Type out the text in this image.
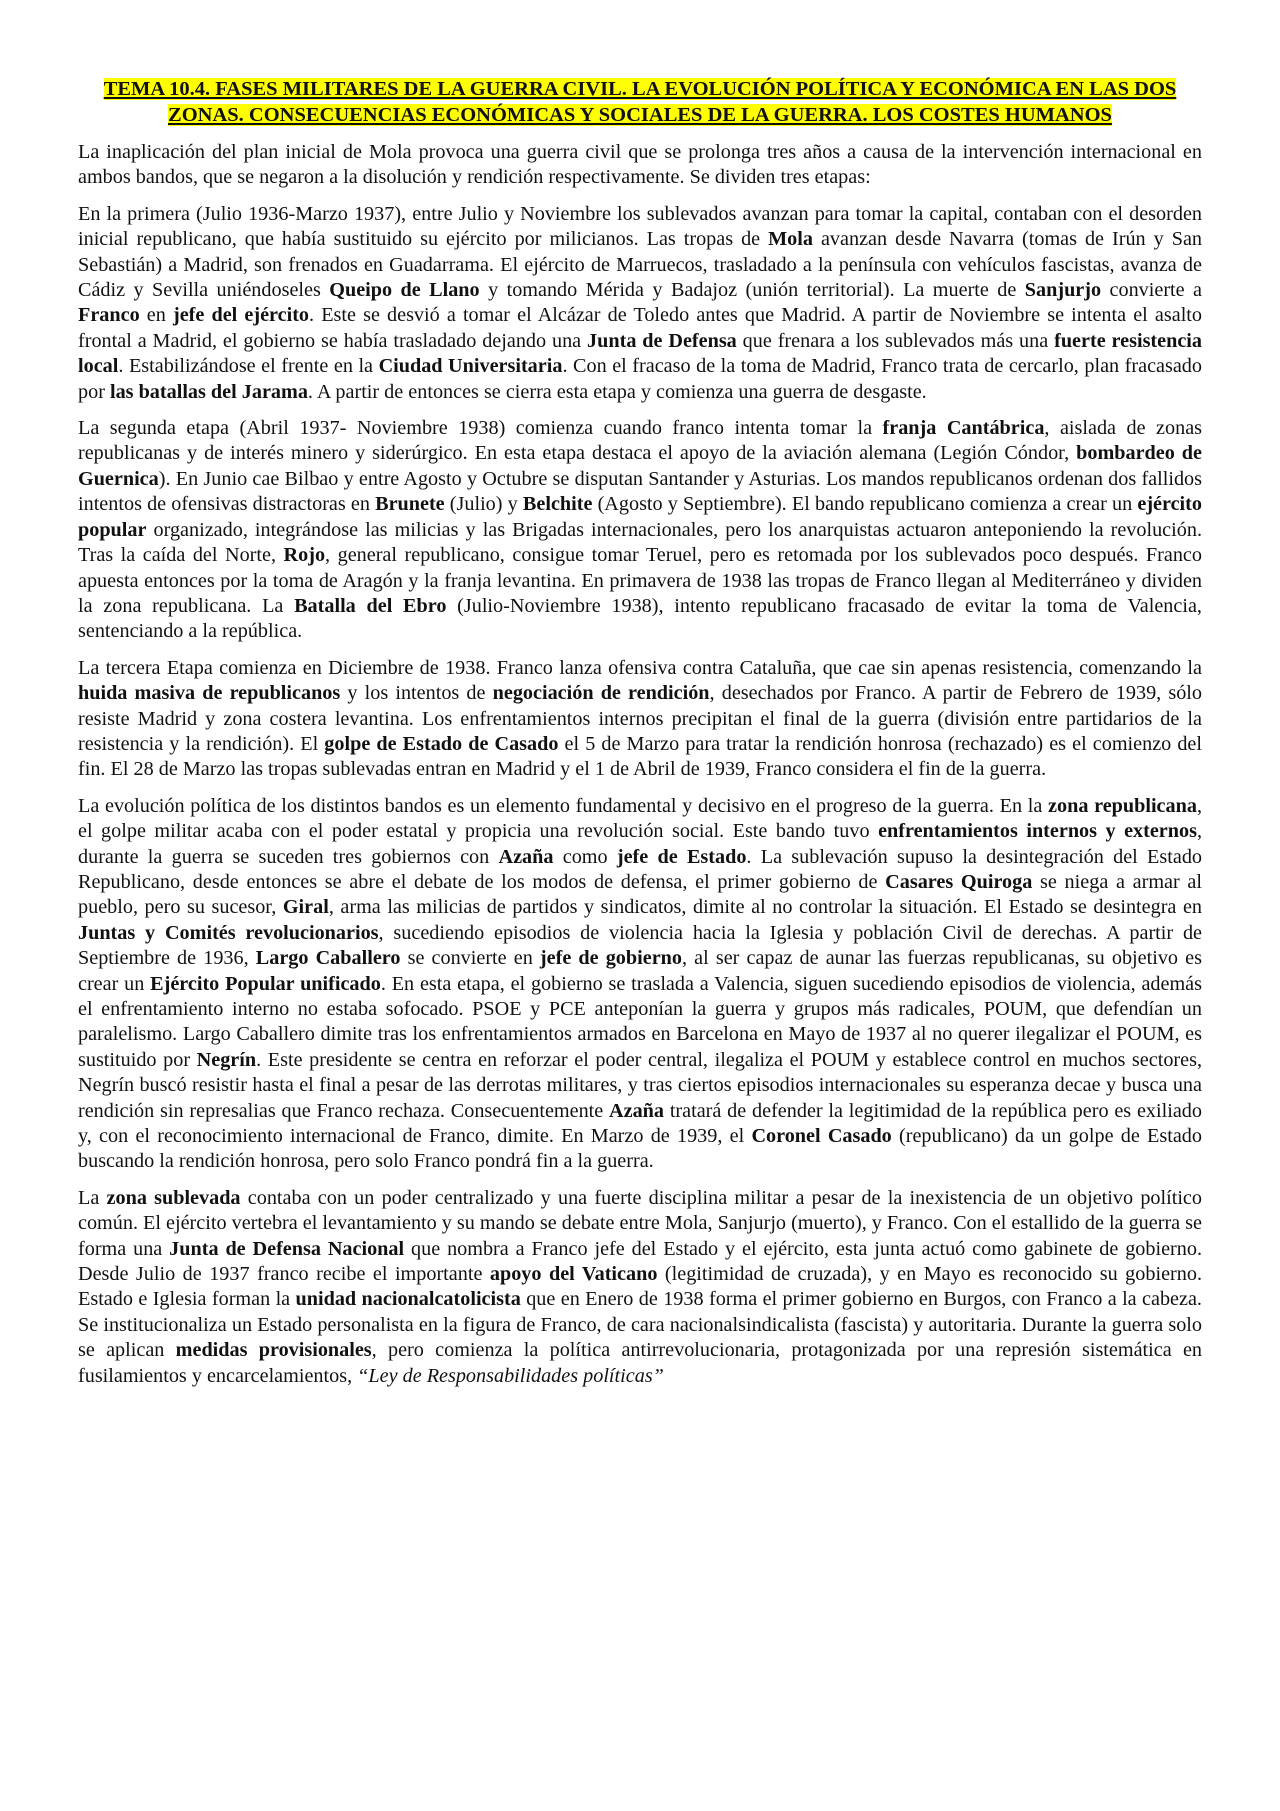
TEMA 10.4. FASES MILITARES DE LA GUERRA CIVIL. LA EVOLUCIÓN POLÍTICA Y ECONÓMICA EN LAS DOS ZONAS. CONSECUENCIAS ECONÓMICAS Y SOCIALES DE LA GUERRA. LOS COSTES HUMANOS

La inaplicación del plan inicial de Mola provoca una guerra civil que se prolonga tres años a causa de la intervención internacional en ambos bandos, que se negaron a la disolución y rendición respectivamente. Se dividen tres etapas:

En la primera (Julio 1936-Marzo 1937), entre Julio y Noviembre los sublevados avanzan para tomar la capital, contaban con el desorden inicial republicano, que había sustituido su ejército por milicianos. Las tropas de Mola avanzan desde Navarra (tomas de Irún y San Sebastián) a Madrid, son frenados en Guadarrama. El ejército de Marruecos, trasladado a la península con vehículos fascistas, avanza de Cádiz y Sevilla uniéndoseles Queipo de Llano y tomando Mérida y Badajoz (unión territorial). La muerte de Sanjurjo convierte a Franco en jefe del ejército. Este se desvió a tomar el Alcázar de Toledo antes que Madrid. A partir de Noviembre se intenta el asalto frontal a Madrid, el gobierno se había trasladado dejando una Junta de Defensa que frenara a los sublevados más una fuerte resistencia local. Estabilizándose el frente en la Ciudad Universitaria. Con el fracaso de la toma de Madrid, Franco trata de cercarlo, plan fracasado por las batallas del Jarama. A partir de entonces se cierra esta etapa y comienza una guerra de desgaste.

La segunda etapa (Abril 1937- Noviembre 1938) comienza cuando franco intenta tomar la franja Cantábrica, aislada de zonas republicanas y de interés minero y siderúrgico. En esta etapa destaca el apoyo de la aviación alemana (Legión Cóndor, bombardeo de Guernica). En Junio cae Bilbao y entre Agosto y Octubre se disputan Santander y Asturias. Los mandos republicanos ordenan dos fallidos intentos de ofensivas distractoras en Brunete (Julio) y Belchite (Agosto y Septiembre). El bando republicano comienza a crear un ejército popular organizado, integrándose las milicias y las Brigadas internacionales, pero los anarquistas actuaron anteponiendo la revolución. Tras la caída del Norte, Rojo, general republicano, consigue tomar Teruel, pero es retomada por los sublevados poco después. Franco apuesta entonces por la toma de Aragón y la franja levantina. En primavera de 1938 las tropas de Franco llegan al Mediterráneo y dividen la zona republicana. La Batalla del Ebro (Julio-Noviembre 1938), intento republicano fracasado de evitar la toma de Valencia, sentenciando a la república.

La tercera Etapa comienza en Diciembre de 1938. Franco lanza ofensiva contra Cataluña, que cae sin apenas resistencia, comenzando la huida masiva de republicanos y los intentos de negociación de rendición, desechados por Franco. A partir de Febrero de 1939, sólo resiste Madrid y zona costera levantina. Los enfrentamientos internos precipitan el final de la guerra (división entre partidarios de la resistencia y la rendición). El golpe de Estado de Casado el 5 de Marzo para tratar la rendición honrosa (rechazado) es el comienzo del fin. El 28 de Marzo las tropas sublevadas entran en Madrid y el 1 de Abril de 1939, Franco considera el fin de la guerra.

La evolución política de los distintos bandos es un elemento fundamental y decisivo en el progreso de la guerra. En la zona republicana, el golpe militar acaba con el poder estatal y propicia una revolución social. Este bando tuvo enfrentamientos internos y externos, durante la guerra se suceden tres gobiernos con Azaña como jefe de Estado. La sublevación supuso la desintegración del Estado Republicano, desde entonces se abre el debate de los modos de defensa, el primer gobierno de Casares Quiroga se niega a armar al pueblo, pero su sucesor, Giral, arma las milicias de partidos y sindicatos, dimite al no controlar la situación. El Estado se desintegra en Juntas y Comités revolucionarios, sucediendo episodios de violencia hacia la Iglesia y población Civil de derechas. A partir de Septiembre de 1936, Largo Caballero se convierte en jefe de gobierno, al ser capaz de aunar las fuerzas republicanas, su objetivo es crear un Ejército Popular unificado. En esta etapa, el gobierno se traslada a Valencia, siguen sucediendo episodios de violencia, además el enfrentamiento interno no estaba sofocado. PSOE y PCE anteponían la guerra y grupos más radicales, POUM, que defendían un paralelismo. Largo Caballero dimite tras los enfrentamientos armados en Barcelona en Mayo de 1937 al no querer ilegalizar el POUM, es sustituido por Negrín. Este presidente se centra en reforzar el poder central, ilegaliza el POUM y establece control en muchos sectores, Negrín buscó resistir hasta el final a pesar de las derrotas militares, y tras ciertos episodios internacionales su esperanza decae y busca una rendición sin represalias que Franco rechaza. Consecuentemente Azaña tratará de defender la legitimidad de la república pero es exiliado y, con el reconocimiento internacional de Franco, dimite. En Marzo de 1939, el Coronel Casado (republicano) da un golpe de Estado buscando la rendición honrosa, pero solo Franco pondrá fin a la guerra.

La zona sublevada contaba con un poder centralizado y una fuerte disciplina militar a pesar de la inexistencia de un objetivo político común. El ejército vertebra el levantamiento y su mando se debate entre Mola, Sanjurjo (muerto), y Franco. Con el estallido de la guerra se forma una Junta de Defensa Nacional que nombra a Franco jefe del Estado y el ejército, esta junta actuó como gabinete de gobierno. Desde Julio de 1937 franco recibe el importante apoyo del Vaticano (legitimidad de cruzada), y en Mayo es reconocido su gobierno. Estado e Iglesia forman la unidad nacionalcatolicista que en Enero de 1938 forma el primer gobierno en Burgos, con Franco a la cabeza. Se institucionaliza un Estado personalista en la figura de Franco, de cara nacionalsindicalista (fascista) y autoritaria. Durante la guerra solo se aplican medidas provisionales, pero comienza la política antirrevolucionaria, protagonizada por una represión sistemática en fusilamientos y encarcelamientos, “Ley de Responsabilidades políticas”
